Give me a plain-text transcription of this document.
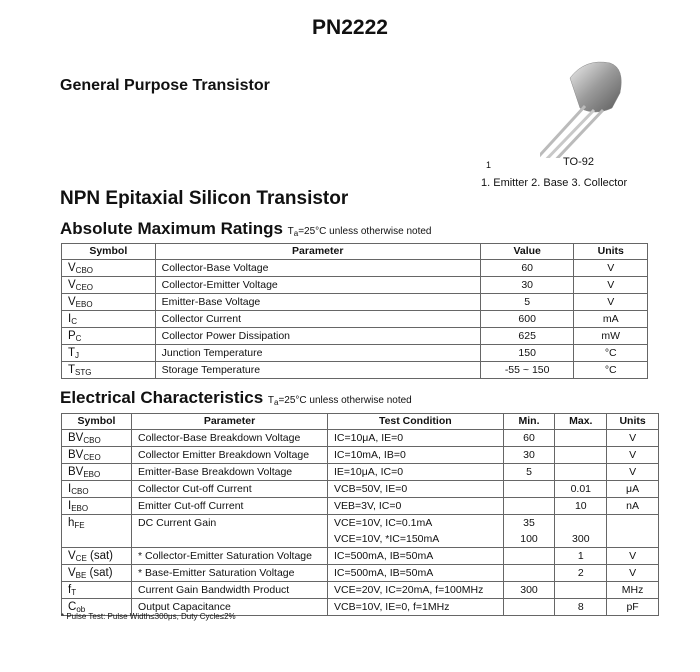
PN2222
General Purpose Transistor
1	TO-92
1. Emitter 2. Base 3. Collector
NPN Epitaxial Silicon Transistor
Absolute Maximum Ratings $T_a=25^\circ C$ unless otherwise noted
Symbol	Parameter	Value	Units
$V_{CBO}$	Collector-Base Voltage	60	V
$V_{CEO}$	Collector-Emitter Voltage	30	V
$V_{EBO}$	Emitter-Base Voltage	5	V
$I_C$	Collector Current	600	mA
$P_C$	Collector Power Dissipation	625	mW
$T_J$	Junction Temperature	150	°C
$T_{STG}$	Storage Temperature	-55 ~ 150	°C
Electrical Characteristics $T_a=25^\circ C$ unless otherwise noted
Symbol	Parameter	Test Condition	Min.	Max.	Units
$BV_{CBO}$	Collector-Base Breakdown Voltage	IC=10μA, IE=0	60		V
$BV_{CEO}$	Collector Emitter Breakdown Voltage	IC=10mA, IB=0	30		V
$BV_{EBO}$	Emitter-Base Breakdown Voltage	IE=10μA, IC=0	5		V
$I_{CBO}$	Collector Cut-off Current	VCB=50V, IE=0		0.01	μA
$I_{EBO}$	Emitter Cut-off Current	VEB=3V, IC=0		10	nA
$h_{FE}$	DC Current Gain	VCE=10V, IC=0.1mA	35		
		VCE=10V, *IC=150mA	100	300	
$V_{CE}$ (sat)	* Collector-Emitter Saturation Voltage	IC=500mA, IB=50mA		1	V
$V_{BE}$ (sat)	* Base-Emitter Saturation Voltage	IC=500mA, IB=50mA		2	V
$f_T$	Current Gain Bandwidth Product	VCE=20V, IC=20mA, f=100MHz	300		MHz
$C_{ob}$	Output Capacitance	VCB=10V, IE=0, f=1MHz		8	pF
* Pulse Test: Pulse Width≤300μs, Duty Cycle≤2%
